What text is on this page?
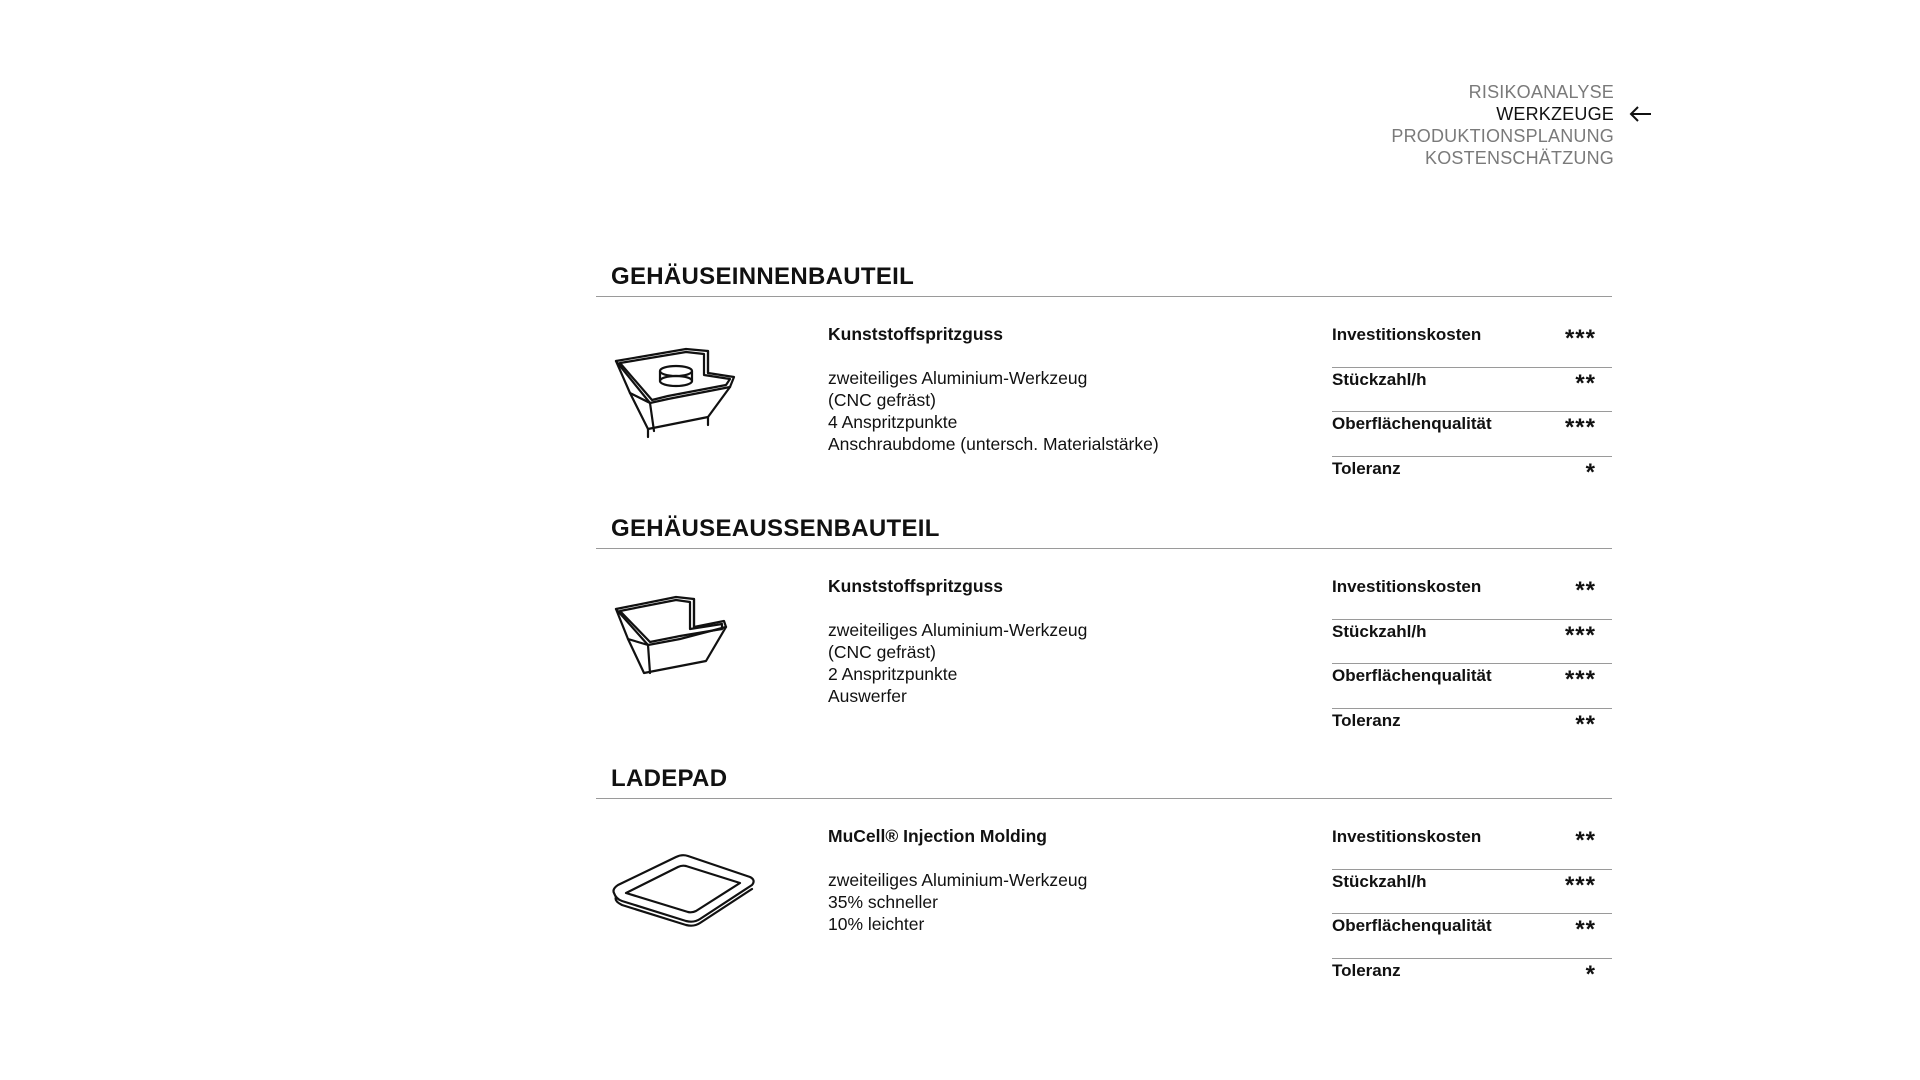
RISIKOANALYSE
WERKZEUGE
PRODUKTIONSPLANUNG
KOSTENSCHÄTZUNG
GEHÄUSEINNENBAUTEIL
Kunststoffspritzguss
zweiteiliges Aluminium-Werkzeug
(CNC gefräst)
4 Anspritzpunkte
Anschraubdome (untersch. Materialstärke)
Investitionskosten	***
Stückzahl/h	**
Oberflächenqualität	***
Toleranz	*
GEHÄUSEAUSSENBAUTEIL
Kunststoffspritzguss
zweiteiliges Aluminium-Werkzeug
(CNC gefräst)
2 Anspritzpunkte
Auswerfer
Investitionskosten	**
Stückzahl/h	***
Oberflächenqualität	***
Toleranz	**
LADEPAD
MuCell® Injection Molding
zweiteiliges Aluminium-Werkzeug
35% schneller
10% leichter
Investitionskosten	**
Stückzahl/h	***
Oberflächenqualität	**
Toleranz	*
